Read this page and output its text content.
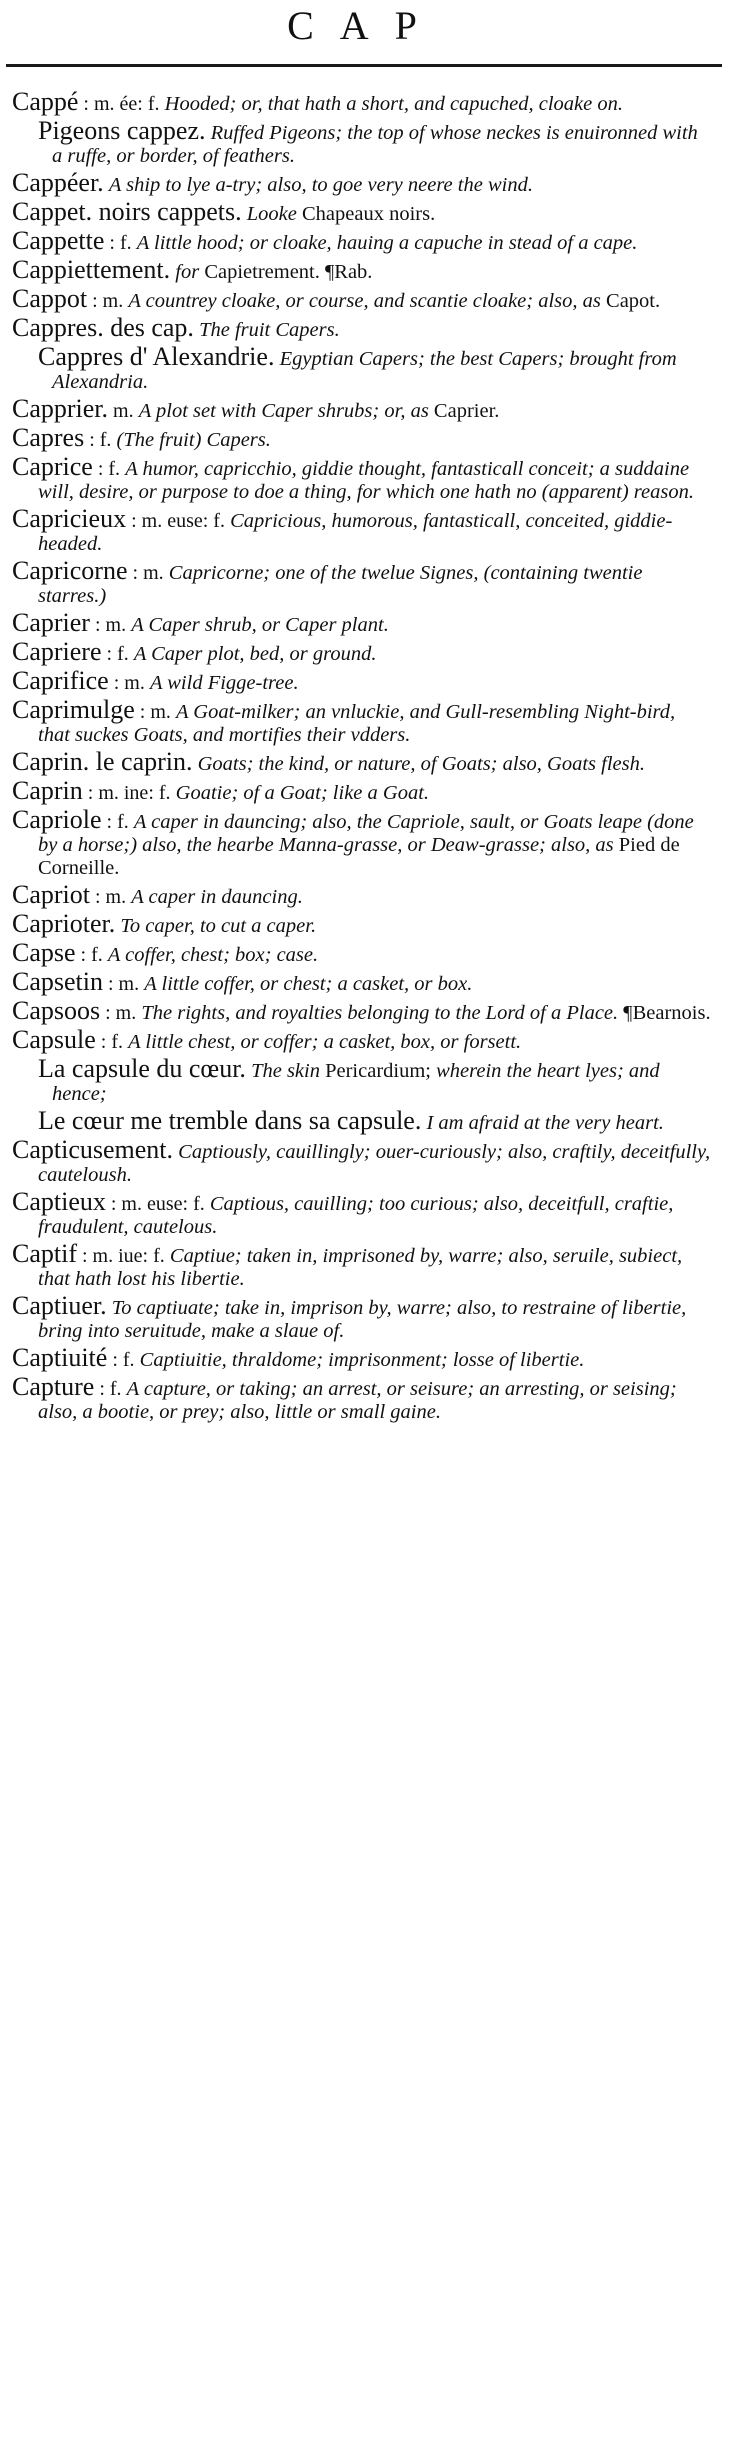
CAP
Cappé : m. ée: f. Hooded; or, that hath a short, and capuched, cloake on.
Pigeons cappez. Ruffed Pigeons; the top of whose neckes is enuironned with a ruffe, or border, of feathers.
Cappéer. A ship to lye a-try; also, to goe very neere the wind.
Cappet. noirs cappets. Looke Chapeaux noirs.
Cappette : f. A little hood; or cloake, hauing a capuche in stead of a cape.
Cappiettement. for Capietrement. ¶Rab.
Cappot : m. A countrey cloake, or course, and scantie cloake; also, as Capot.
Cappres. des cap. The fruit Capers.
Cappres d' Alexandrie. Egyptian Capers; the best Capers; brought from Alexandria.
Capprier. m. A plot set with Caper shrubs; or, as Caprier.
Capres : f. (The fruit) Capers.
Caprice : f. A humor, capricchio, giddie thought, fantasticall conceit; a suddaine will, desire, or purpose to doe a thing, for which one hath no (apparent) reason.
Capricieux : m. euse: f. Capricious, humorous, fantasticall, conceited, giddie-headed.
Capricorne : m. Capricorne; one of the twelue Signes, (containing twentie starres.)
Caprier : m. A Caper shrub, or Caper plant.
Capriere : f. A Caper plot, bed, or ground.
Caprifice : m. A wild Figge-tree.
Caprimulge : m. A Goat-milker; an vnluckie, and Gull-resembling Night-bird, that suckes Goats, and mortifies their vdders.
Caprin. le caprin. Goats; the kind, or nature, of Goats; also, Goats flesh.
Caprin : m. ine: f. Goatie; of a Goat; like a Goat.
Capriole : f. A caper in dauncing; also, the Capriole, sault, or Goats leape (done by a horse;) also, the hearbe Manna-grasse, or Deaw-grasse; also, as Pied de Corneille.
Capriot : m. A caper in dauncing.
Caprioter. To caper, to cut a caper.
Capse : f. A coffer, chest; box; case.
Capsetin : m. A little coffer, or chest; a casket, or box.
Capsoos : m. The rights, and royalties belonging to the Lord of a Place. ¶Bearnois.
Capsule : f. A little chest, or coffer; a casket, box, or forsett.
La capsule du cœur. The skin Pericardium; wherein the heart lyes; and hence;
Le cœur me tremble dans sa capsule. I am afraid at the very heart.
Capticusement. Captiously, cauillingly; ouer-curiously; also, craftily, deceitfully, cauteloush.
Captieux : m. euse: f. Captious, cauilling; too curious; also, deceitfull, craftie, fraudulent, cautelous.
Captif : m. iue: f. Captiue; taken in, imprisoned by, warre; also, seruile, subiect, that hath lost his libertie.
Captiuer. To captiuate; take in, imprison by, warre; also, to restraine of libertie, bring into seruitude, make a slaue of.
Captiuité : f. Captiuitie, thraldome; imprisonment; losse of libertie.
Capture : f. A capture, or taking; an arrest, or seisure; an arresting, or seising; also, a bootie, or prey; also, little or small gaine.
